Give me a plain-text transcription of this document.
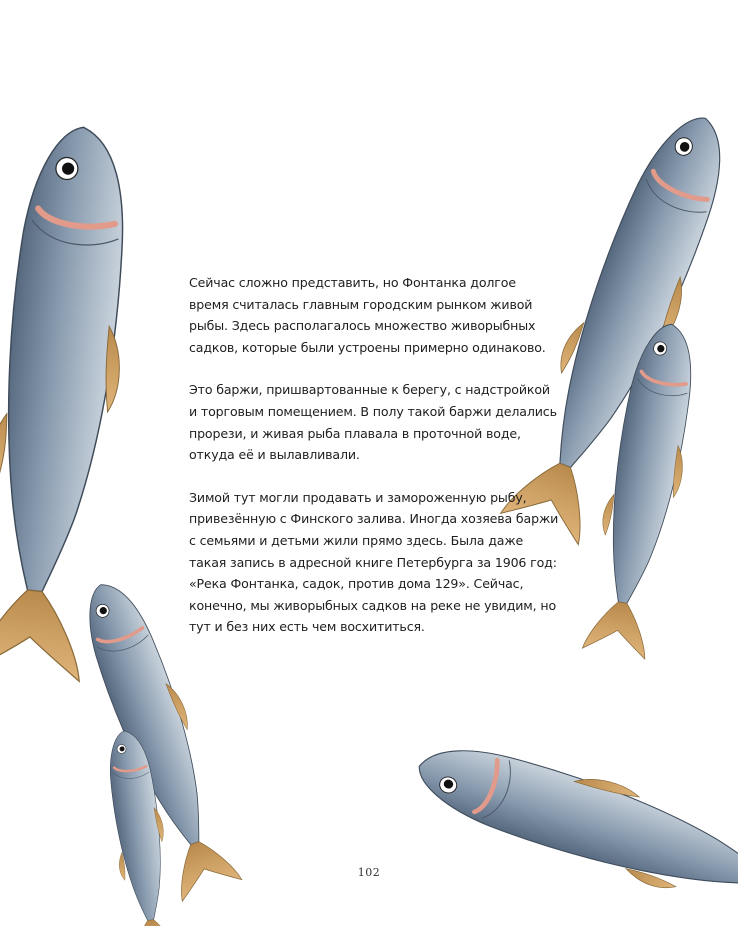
Сейчас сложно представить, но Фонтанка долгое время считалась главным городским рынком живой рыбы. Здесь располагалось множество живорыбных садков, которые были устроены примерно одинаково.

Это баржи, пришвартованные к берегу, с надстройкой и торговым помещением. В полу такой баржи делались прорези, и живая рыба плавала в проточной воде, откуда её и вылавливали.

Зимой тут могли продавать и замороженную рыбу, привезённую с Финского залива. Иногда хозяева баржи с семьями и детьми жили прямо здесь. Была даже такая запись в адресной книге Петербурга за 1906 год: «Река Фонтанка, садок, против дома 129». Сейчас, конечно, мы живорыбных садков на реке не увидим, но тут и без них есть чем восхититься.

102
